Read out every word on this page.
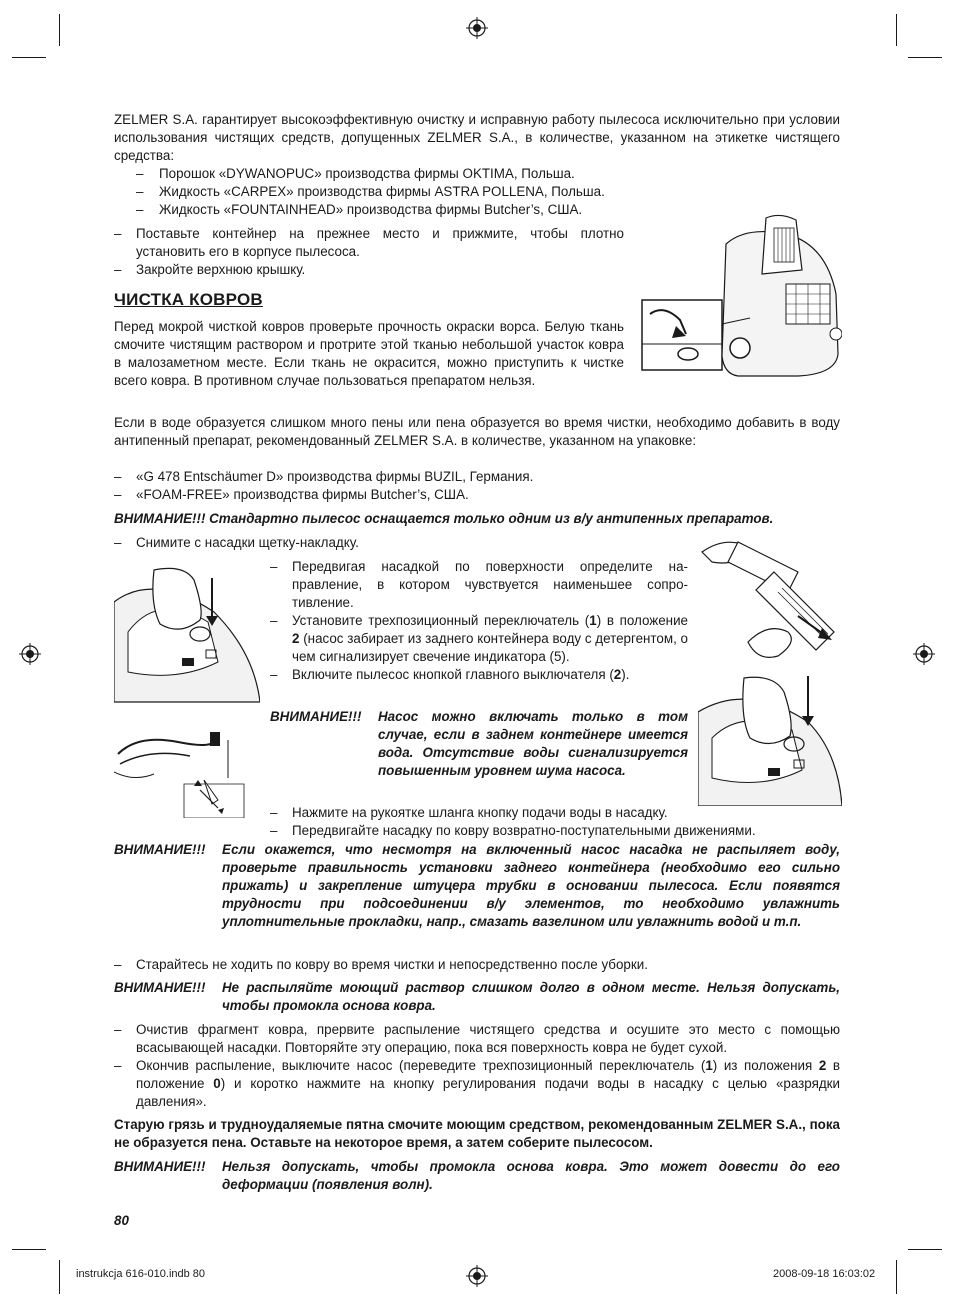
ZELMER S.A. гарантирует высокоэффективную очистку и исправную работу пылесоса исключительно при условии использования чистящих средств, допущенных ZELMER S.A., в количестве, указанном на этикетке чистящего средства:
– Порошок «DYWANOPUC» производства фирмы OKTIMA, Польша.
– Жидкость «CARPEX» производства фирмы ASTRA POLLENA, Польша.
– Жидкость «FOUNTAINHEAD» производства фирмы Butcher’s, США.
– Поставьте контейнер на прежнее место и прижмите, чтобы плотно установить его в корпусе пылесоса.
– Закройте верхнюю крышку.
ЧИСТКА КОВРОВ
Перед мокрой чисткой ковров проверьте прочность окраски ворса. Белую ткань смочите чистящим раствором и протрите этой тканью небольшой участок ковра в малозаметном месте. Если ткань не окрасится, можно приступить к чистке всего ковра. В противном случае пользоваться препаратом нельзя.
Если в воде образуется слишком много пены или пена образуется во время чистки, необходимо добавить в воду антипенный препарат, рекомендованный ZELMER S.A. в количестве, указанном на упаковке:
– «G 478 Entschäumer D» производства фирмы BUZIL, Германия.
– «FOAM-FREE» производства фирмы Butcher’s, США.
ВНИМАНИЕ!!! Стандартно пылесос оснащается только одним из в/у антипенных препаратов.
– Снимите с насадки щетку-накладку.
– Передвигая насадкой по поверхности определите направление, в котором чувствуется наименьшее сопротивление.
– Установите трехпозиционный переключатель (1) в положение 2 (насос забирает из заднего контейнера воду с детергентом, о чем сигнализирует свечение индикатора (5).
– Включите пылесос кнопкой главного выключателя (2).
ВНИМАНИЕ!!! Насос можно включать только в том случае, если в заднем контейнере имеется вода. Отсутствие воды сигнализируется повышенным уровнем шума насоса.
– Нажмите на рукоятке шланга кнопку подачи воды в насадку.
– Передвигайте насадку по ковру возвратно-поступательными движениями.
ВНИМАНИЕ!!! Если окажется, что несмотря на включенный насос насадка не распыляет воду, проверьте правильность установки заднего контейнера (необходимо его сильно прижать) и закрепление штуцера трубки в основании пылесоса. Если появятся трудности при подсоединении в/у элементов, то необходимо увлажнить уплотнительные прокладки, напр., смазать вазелином или увлажнить водой и т.п.
– Старайтесь не ходить по ковру во время чистки и непосредственно после уборки.
ВНИМАНИЕ!!! Не распыляйте моющий раствор слишком долго в одном месте. Нельзя допускать, чтобы промокла основа ковра.
– Очистив фрагмент ковра, прервите распыление чистящего средства и осушите это место с помощью всасывающей насадки. Повторяйте эту операцию, пока вся поверхность ковра не будет сухой.
– Окончив распыление, выключите насос (переведите трехпозиционный переключатель (1) из положения 2 в положение 0) и коротко нажмите на кнопку регулирования подачи воды в насадку с целью «разрядки давления».
Старую грязь и трудноудаляемые пятна смочите моющим средством, рекомендованным ZELMER S.A., пока не образуется пена. Оставьте на некоторое время, а затем соберите пылесосом.
ВНИМАНИЕ!!! Нельзя допускать, чтобы промокла основа ковра. Это может довести до его деформации (появления волн).
80
instrukcja 616-010.indb 80	2008-09-18 16:03:02
